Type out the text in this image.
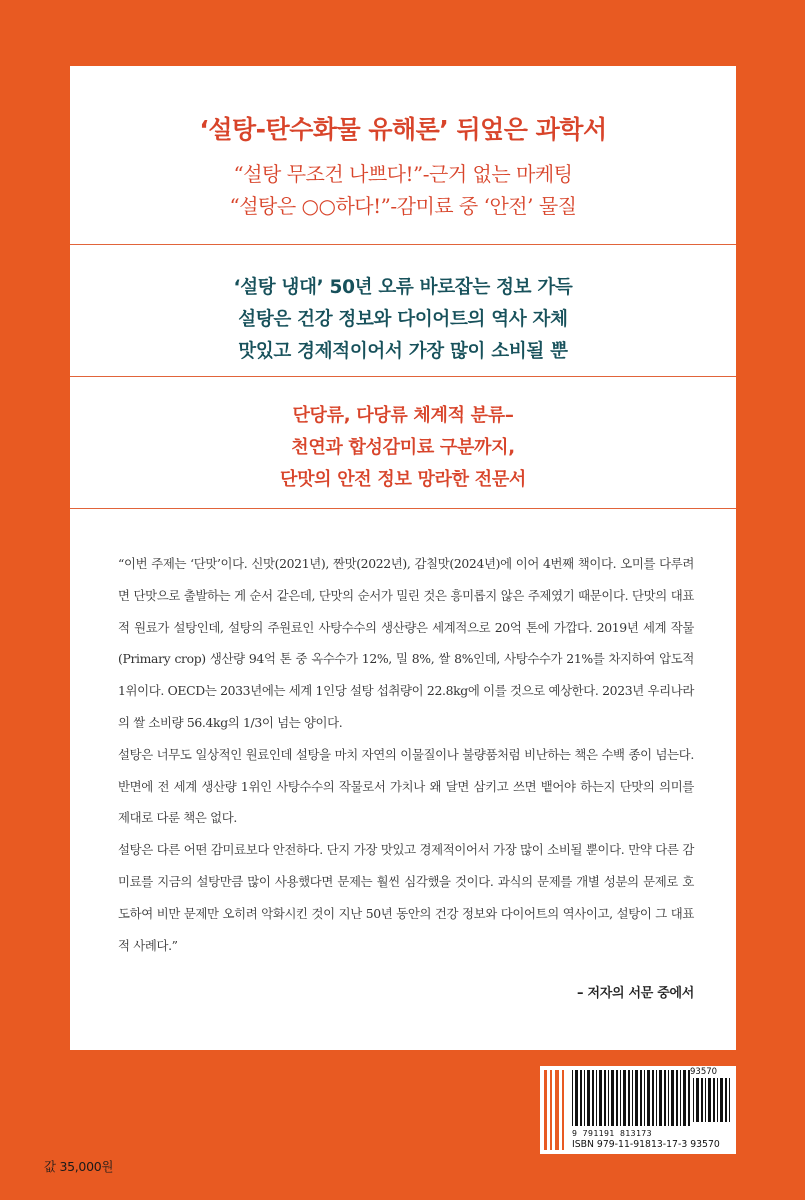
‘설탕-탄수화물 유해론’ 뒤엎은 과학서
“설탕 무조건 나쁘다!”-근거 없는 마케팅
“설탕은 ○○하다!”-감미료 중 ‘안전’ 물질
‘설탕 냉대’ 50년 오류 바로잡는 정보 가득
설탕은 건강 정보와 다이어트의 역사 자체
맛있고 경제적이어서 가장 많이 소비될 뿐
단당류, 다당류 체계적 분류–
천연과 합성감미료 구분까지,
단맛의 안전 정보 망라한 전문서

“이번 주제는 ‘단맛’이다. 신맛(2021년), 짠맛(2022년), 감칠맛(2024년)에 이어 4번째 책이다. 오미를 다루려면 단맛으로 출발하는 게 순서 같은데, 단맛의 순서가 밀린 것은 흥미롭지 않은 주제였기 때문이다. 단맛의 대표적 원료가 설탕인데, 설탕의 주원료인 사탕수수의 생산량은 세계적으로 20억 톤에 가깝다. 2019년 세계 작물(Primary crop) 생산량 94억 톤 중 옥수수가 12%, 밀 8%, 쌀 8%인데, 사탕수수가 21%를 차지하여 압도적 1위이다. OECD는 2033년에는 세계 1인당 설탕 섭취량이 22.8kg에 이를 것으로 예상한다. 2023년 우리나라의 쌀 소비량 56.4kg의 1/3이 넘는 양이다.

설탕은 너무도 일상적인 원료인데 설탕을 마치 자연의 이물질이나 불량품처럼 비난하는 책은 수백 종이 넘는다. 반면에 전 세계 생산량 1위인 사탕수수의 작물로서 가치나 왜 달면 삼키고 쓰면 뱉어야 하는지 단맛의 의미를 제대로 다룬 책은 없다.

설탕은 다른 어떤 감미료보다 안전하다. 단지 가장 맛있고 경제적이어서 가장 많이 소비될 뿐이다. 만약 다른 감미료를 지금의 설탕만큼 많이 사용했다면 문제는 훨씬 심각했을 것이다. 과식의 문제를 개별 성분의 문제로 호도하여 비만 문제만 오히려 악화시킨 것이 지난 50년 동안의 건강 정보와 다이어트의 역사이고, 설탕이 그 대표적 사례다.”

– 저자의 서문 중에서
값 35,000원
93570
9 791191 813173
ISBN 979-11-91813-17-3 93570
